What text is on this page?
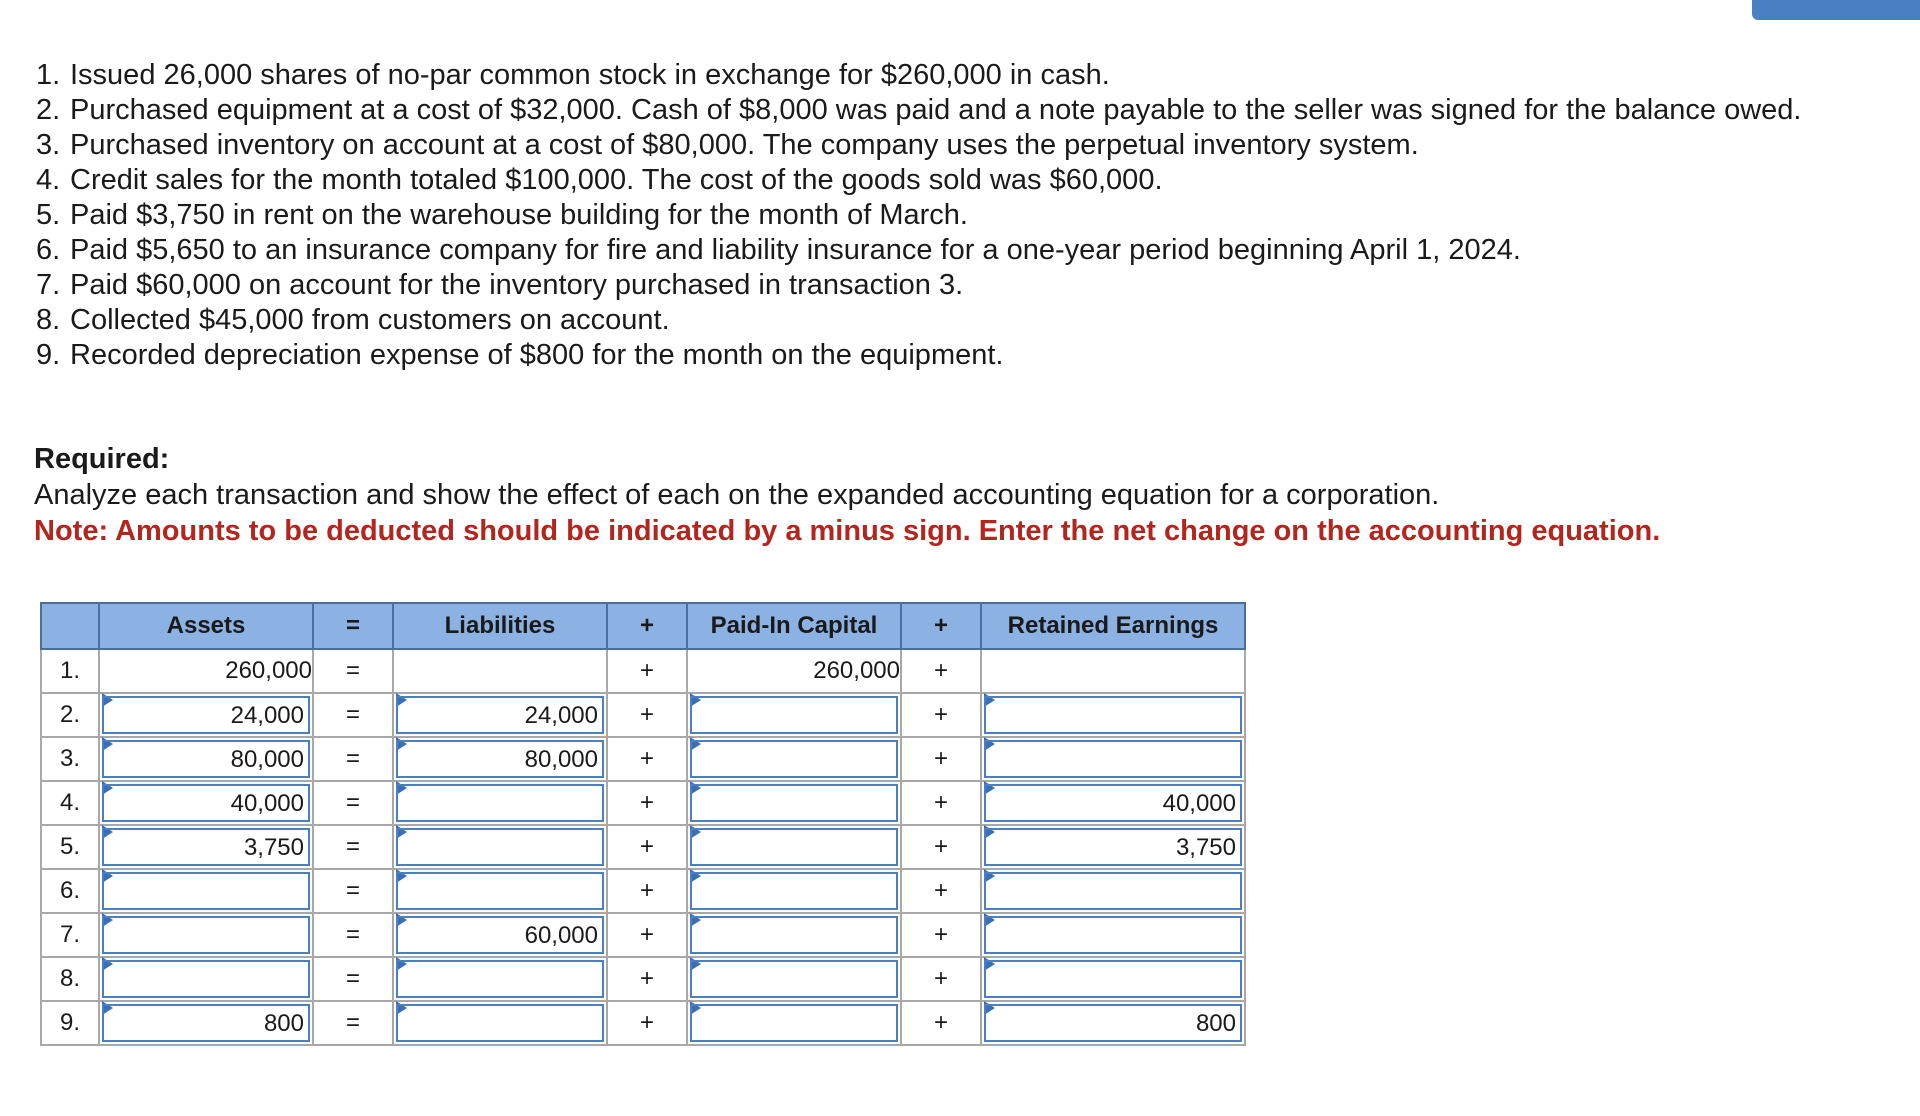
1. Issued 26,000 shares of no-par common stock in exchange for $260,000 in cash.
2. Purchased equipment at a cost of $32,000. Cash of $8,000 was paid and a note payable to the seller was signed for the balance owed.
3. Purchased inventory on account at a cost of $80,000. The company uses the perpetual inventory system.
4. Credit sales for the month totaled $100,000. The cost of the goods sold was $60,000.
5. Paid $3,750 in rent on the warehouse building for the month of March.
6. Paid $5,650 to an insurance company for fire and liability insurance for a one-year period beginning April 1, 2024.
7. Paid $60,000 on account for the inventory purchased in transaction 3.
8. Collected $45,000 from customers on account.
9. Recorded depreciation expense of $800 for the month on the equipment.
Required:
Analyze each transaction and show the effect of each on the expanded accounting equation for a corporation.
Note: Amounts to be deducted should be indicated by a minus sign. Enter the net change on the accounting equation.
	Assets	=	Liabilities	+	Paid-In Capital	+	Retained Earnings
1.	260,000	=		+	260,000	+	
2.	24,000	=	24,000	+		+	

3.	80,000	=	80,000	+		+	

4.	40,000	=		+		+	40,000

5.	3,750	=		+		+	3,750

6.		=		+		+	

7.		=	60,000	+		+	

8.		=		+		+	

9.	800	=		+		+	800
